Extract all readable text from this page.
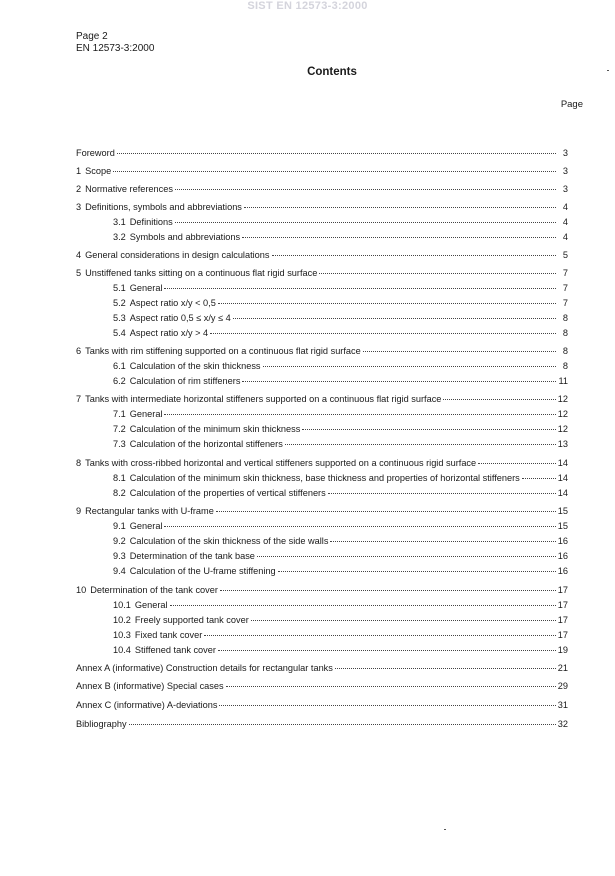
SIST EN 12573-3:2000
Page 2
EN 12573-3:2000
Contents
Page
Foreword	3
1 Scope	3
2 Normative references	3
3 Definitions, symbols and abbreviations	4
3.1 Definitions	4
3.2 Symbols and abbreviations	4
4 General considerations in design calculations	5
5 Unstiffened tanks sitting on a continuous flat rigid surface	7
5.1 General	7
5.2 Aspect ratio x/y < 0,5	7
5.3 Aspect ratio 0,5 ≤ x/y ≤ 4	8
5.4 Aspect ratio x/y > 4	8
6 Tanks with rim stiffening supported on a continuous flat rigid surface	8
6.1 Calculation of the skin thickness	8
6.2 Calculation of rim stiffeners	11
7 Tanks with intermediate horizontal stiffeners supported on a continuous flat rigid surface	12
7.1 General	12
7.2 Calculation of the minimum skin thickness	12
7.3 Calculation of the horizontal stiffeners	13
8 Tanks with cross-ribbed horizontal and vertical stiffeners supported on a continuous rigid surface	14
8.1 Calculation of the minimum skin thickness, base thickness and properties of horizontal stiffeners	14
8.2 Calculation of the properties of vertical stiffeners	14
9 Rectangular tanks with U-frame	15
9.1 General	15
9.2 Calculation of the skin thickness of the side walls	16
9.3 Determination of the tank base	16
9.4 Calculation of the U-frame stiffening	16
10 Determination of the tank cover	17
10.1 General	17
10.2 Freely supported tank cover	17
10.3 Fixed tank cover	17
10.4 Stiffened tank cover	19
Annex A (informative) Construction details for rectangular tanks	21
Annex B (informative) Special cases	29
Annex C (informative) A-deviations	31
Bibliography	32
